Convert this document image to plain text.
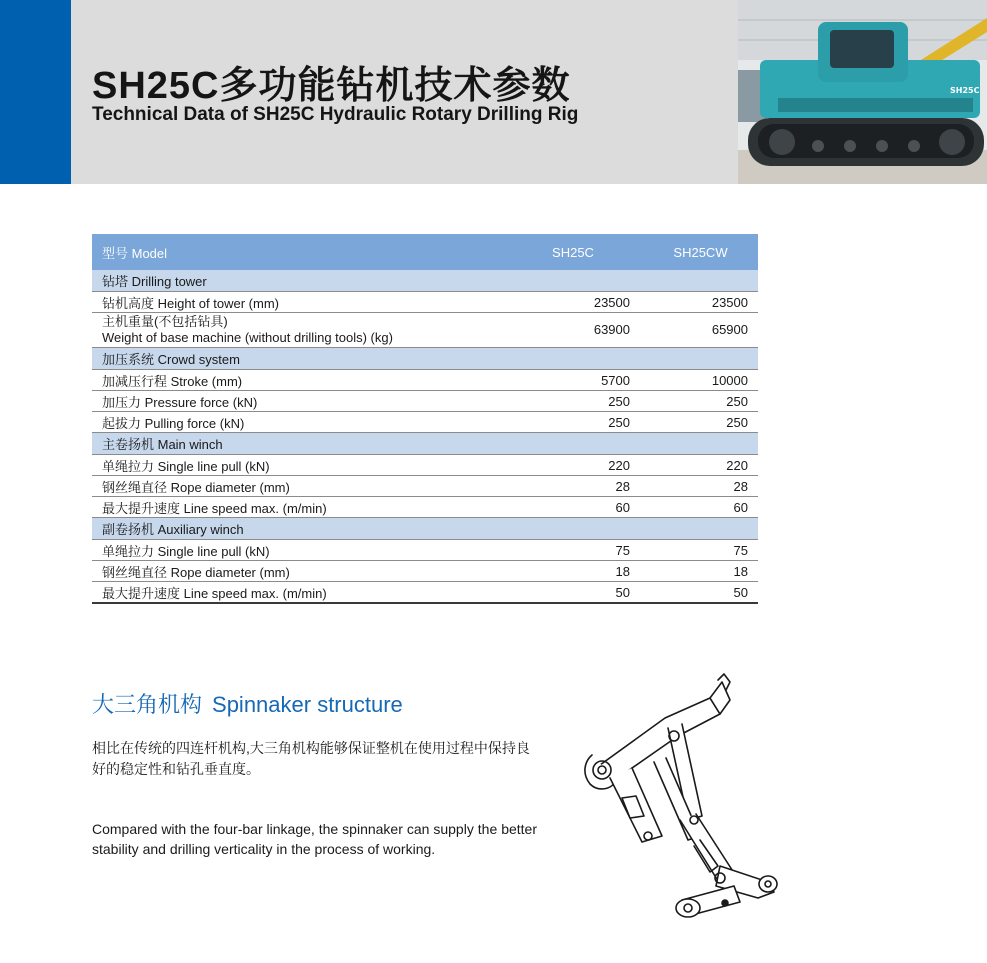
SH25C多功能钻机技术参数
Technical Data of SH25C Hydraulic Rotary Drilling Rig
SH25C
型号 Model	SH25C	SH25CW
钻塔 Drilling tower		
钻机高度 Height of tower (mm)	23500	23500

主机重量(不包括钻具)
Weight of base machine (without drilling tools) (kg)	63900	65900
加压系统 Crowd system		
加减压行程 Stroke (mm)	5700	10000
加压力 Pressure force (kN)	250	250
起拔力 Pulling force (kN)	250	250
主卷扬机 Main winch		
单绳拉力 Single line pull (kN)	220	220
钢丝绳直径 Rope diameter (mm)	28	28
最大提升速度 Line speed max. (m/min)	60	60
副卷扬机 Auxiliary winch		
单绳拉力 Single line pull (kN)	75	75
钢丝绳直径 Rope diameter (mm)	18	18
最大提升速度 Line speed max. (m/min)	50	50
大三角机构 Spinnaker structure
相比在传统的四连杆机构,大三角机构能够保证整机在使用过程中保持良好的稳定性和钻孔垂直度。
Compared with the four-bar linkage, the spinnaker can supply the better stability and drilling verticality in the process of working.
